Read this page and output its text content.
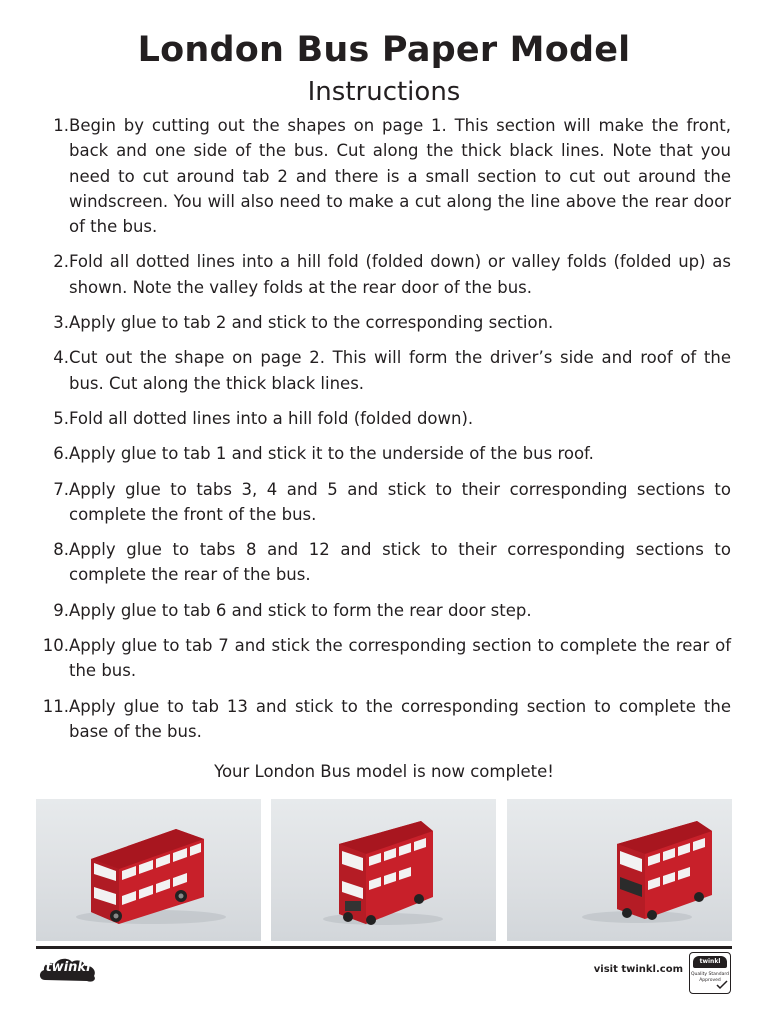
London Bus Paper Model
Instructions
1. Begin by cutting out the shapes on page 1. This section will make the front, back and one side of the bus. Cut along the thick black lines. Note that you need to cut around tab 2 and there is a small section to cut out around the windscreen. You will also need to make a cut along the line above the rear door of the bus.
2. Fold all dotted lines into a hill fold (folded down) or valley folds (folded up) as shown. Note the valley folds at the rear door of the bus.
3. Apply glue to tab 2 and stick to the corresponding section.
4. Cut out the shape on page 2. This will form the driver’s side and roof of the bus. Cut along the thick black lines.
5. Fold all dotted lines into a hill fold (folded down).
6. Apply glue to tab 1 and stick it to the underside of the bus roof.
7. Apply glue to tabs 3, 4 and 5 and stick to their corresponding sections to complete the front of the bus.
8. Apply glue to tabs 8 and 12 and stick to their corresponding sections to complete the rear of the bus.
9. Apply glue to tab 6 and stick to form the rear door step.
10. Apply glue to tab 7 and stick the corresponding section to complete the rear of the bus.
11. Apply glue to tab 13 and stick to the corresponding section to complete the base of the bus.
Your London Bus model is now complete!
twinkl	visit twinkl.com
twinkl
Quality Standard
Approved
